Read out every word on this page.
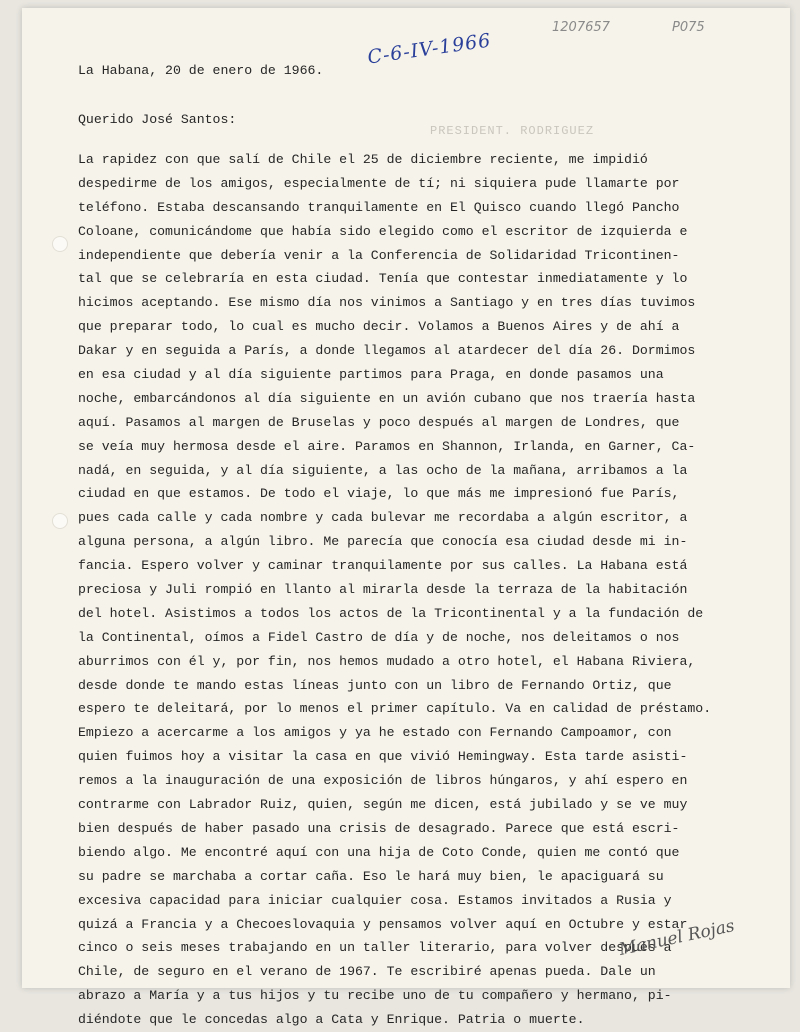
1207657	P075
C-6-IV-1966
La Habana, 20 de enero de 1966.
Querido José Santos:
PRESIDENT. RODRIGUEZ
La rapidez con que salí de Chile el 25 de diciembre reciente, me impidió
despedirme de los amigos, especialmente de tí; ni siquiera pude llamarte por
teléfono. Estaba descansando tranquilamente en El Quisco cuando llegó Pancho
Coloane, comunicándome que había sido elegido como el escritor de izquierda e
independiente que debería venir a la Conferencia de Solidaridad Tricontinen-
tal que se celebraría en esta ciudad. Tenía que contestar inmediatamente y lo
hicimos aceptando. Ese mismo día nos vinimos a Santiago y en tres días tuvimos
que preparar todo, lo cual es mucho decir. Volamos a Buenos Aires y de ahí a
Dakar y en seguida a París, a donde llegamos al atardecer del día 26. Dormimos
en esa ciudad y al día siguiente partimos para Praga, en donde pasamos una
noche, embarcándonos al día siguiente en un avión cubano que nos traería hasta
aquí. Pasamos al margen de Bruselas y poco después al margen de Londres, que
se veía muy hermosa desde el aire. Paramos en Shannon, Irlanda, en Garner, Ca-
nadá, en seguida, y al día siguiente, a las ocho de la mañana, arribamos a la
ciudad en que estamos. De todo el viaje, lo que más me impresionó fue París,
pues cada calle y cada nombre y cada bulevar me recordaba a algún escritor, a
alguna persona, a algún libro. Me parecía que conocía esa ciudad desde mi in-
fancia. Espero volver y caminar tranquilamente por sus calles. La Habana está
preciosa y Juli rompió en llanto al mirarla desde la terraza de la habitación
del hotel. Asistimos a todos los actos de la Tricontinental y a la fundación de
la Continental, oímos a Fidel Castro de día y de noche, nos deleitamos o nos
aburrimos con él y, por fin, nos hemos mudado a otro hotel, el Habana Riviera,
desde donde te mando estas líneas junto con un libro de Fernando Ortiz, que
espero te deleitará, por lo menos el primer capítulo. Va en calidad de préstamo.
Empiezo a acercarme a los amigos y ya he estado con Fernando Campoamor, con
quien fuimos hoy a visitar la casa en que vivió Hemingway. Esta tarde asisti-
remos a la inauguración de una exposición de libros húngaros, y ahí espero en
contrarme con Labrador Ruiz, quien, según me dicen, está jubilado y se ve muy
bien después de haber pasado una crisis de desagrado. Parece que está escri-
biendo algo. Me encontré aquí con una hija de Coto Conde, quien me contó que
su padre se marchaba a cortar caña. Eso le hará muy bien, le apaciguará su
excesiva capacidad para iniciar cualquier cosa. Estamos invitados a Rusia y
quizá a Francia y a Checoeslovaquia y pensamos volver aquí en Octubre y estar
cinco o seis meses trabajando en un taller literario, para volver después a
Chile, de seguro en el verano de 1967. Te escribiré apenas pueda. Dale un
abrazo a María y a tus hijos y tu recibe uno de tu compañero y hermano, pi-
diéndote que le concedas algo a Cata y Enrique. Patria o muerte.
Manuel Rojas
